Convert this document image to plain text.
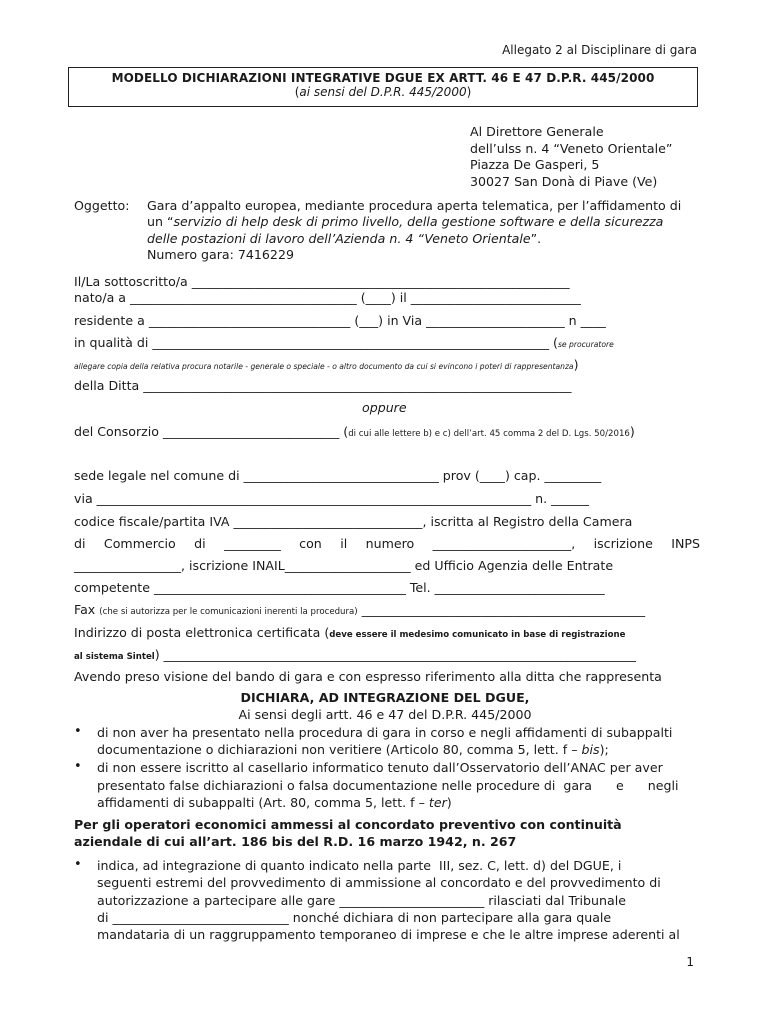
Allegato 2 al Disciplinare di gara
MODELLO DICHIARAZIONI INTEGRATIVE DGUE EX ARTT. 46 E 47 D.P.R. 445/2000
(ai sensi del D.P.R. 445/2000)
Al Direttore Generale
dell’ulss n. 4 “Veneto Orientale”
Piazza De Gasperi, 5
30027 San Donà di Piave (Ve)
Oggetto: Gara d’appalto europea, mediante procedura aperta telematica, per l’affidamento di
un “servizio di help desk di primo livello, della gestione software e della sicurezza
delle postazioni di lavoro dell’Azienda n. 4 “Veneto Orientale”.
Numero gara: 7416229
Il/La sottoscritto/a ____________________________________________________________
nato/a a ____________________________________ (____) il ___________________________
residente a ________________________________ (___) in Via ______________________ n ____
in qualità di _______________________________________________________________ (se procuratore
allegare copia della relativa procura notarile - generale o speciale - o altro documento da cui si evincono i poteri di rappresentanza)
della Ditta ____________________________________________________________________
oppure
del Consorzio ____________________________ (di cui alle lettere b) e c) dell’art. 45 comma 2 del D. Lgs. 50/2016)
sede legale nel comune di _______________________________ prov (____) cap. _________
via _____________________________________________________________________ n. ______
codice fiscale/partita IVA ______________________________, iscritta al Registro della Camera
di Commercio di _________ con il numero ______________________, iscrizione INPS
_________________, iscrizione INAIL____________________ ed Ufficio Agenzia delle Entrate
competente ________________________________________ Tel. ___________________________
Fax (che si autorizza per le comunicazioni inerenti la procedura) _____________________________________________
Indirizzo di posta elettronica certificata (deve essere il medesimo comunicato in base di registrazione
al sistema Sintel) ___________________________________________________________________________
Avendo preso visione del bando di gara e con espresso riferimento alla ditta che rappresenta
DICHIARA, AD INTEGRAZIONE DEL DGUE,
Ai sensi degli artt. 46 e 47 del D.P.R. 445/2000
• di non aver ha presentato nella procedura di gara in corso e negli affidamenti di subappalti
documentazione o dichiarazioni non veritiere (Articolo 80, comma 5, lett. f – bis);
• di non essere iscritto al casellario informatico tenuto dall’Osservatorio dell’ANAC per aver
presentato false dichiarazioni o falsa documentazione nelle procedure di  gara      e      negli
affidamenti di subappalti (Art. 80, comma 5, lett. f – ter)
Per gli operatori economici ammessi al concordato preventivo con continuità
aziendale di cui all’art. 186 bis del R.D. 16 marzo 1942, n. 267
• indica, ad integrazione di quanto indicato nella parte  III, sez. C, lett. d) del DGUE, i
seguenti estremi del provvedimento di ammissione al concordato e del provvedimento di
autorizzazione a partecipare alle gare _______________________ rilasciati dal Tribunale
di ____________________________ nonché dichiara di non partecipare alla gara quale
mandataria di un raggruppamento temporaneo di imprese e che le altre imprese aderenti al
1
